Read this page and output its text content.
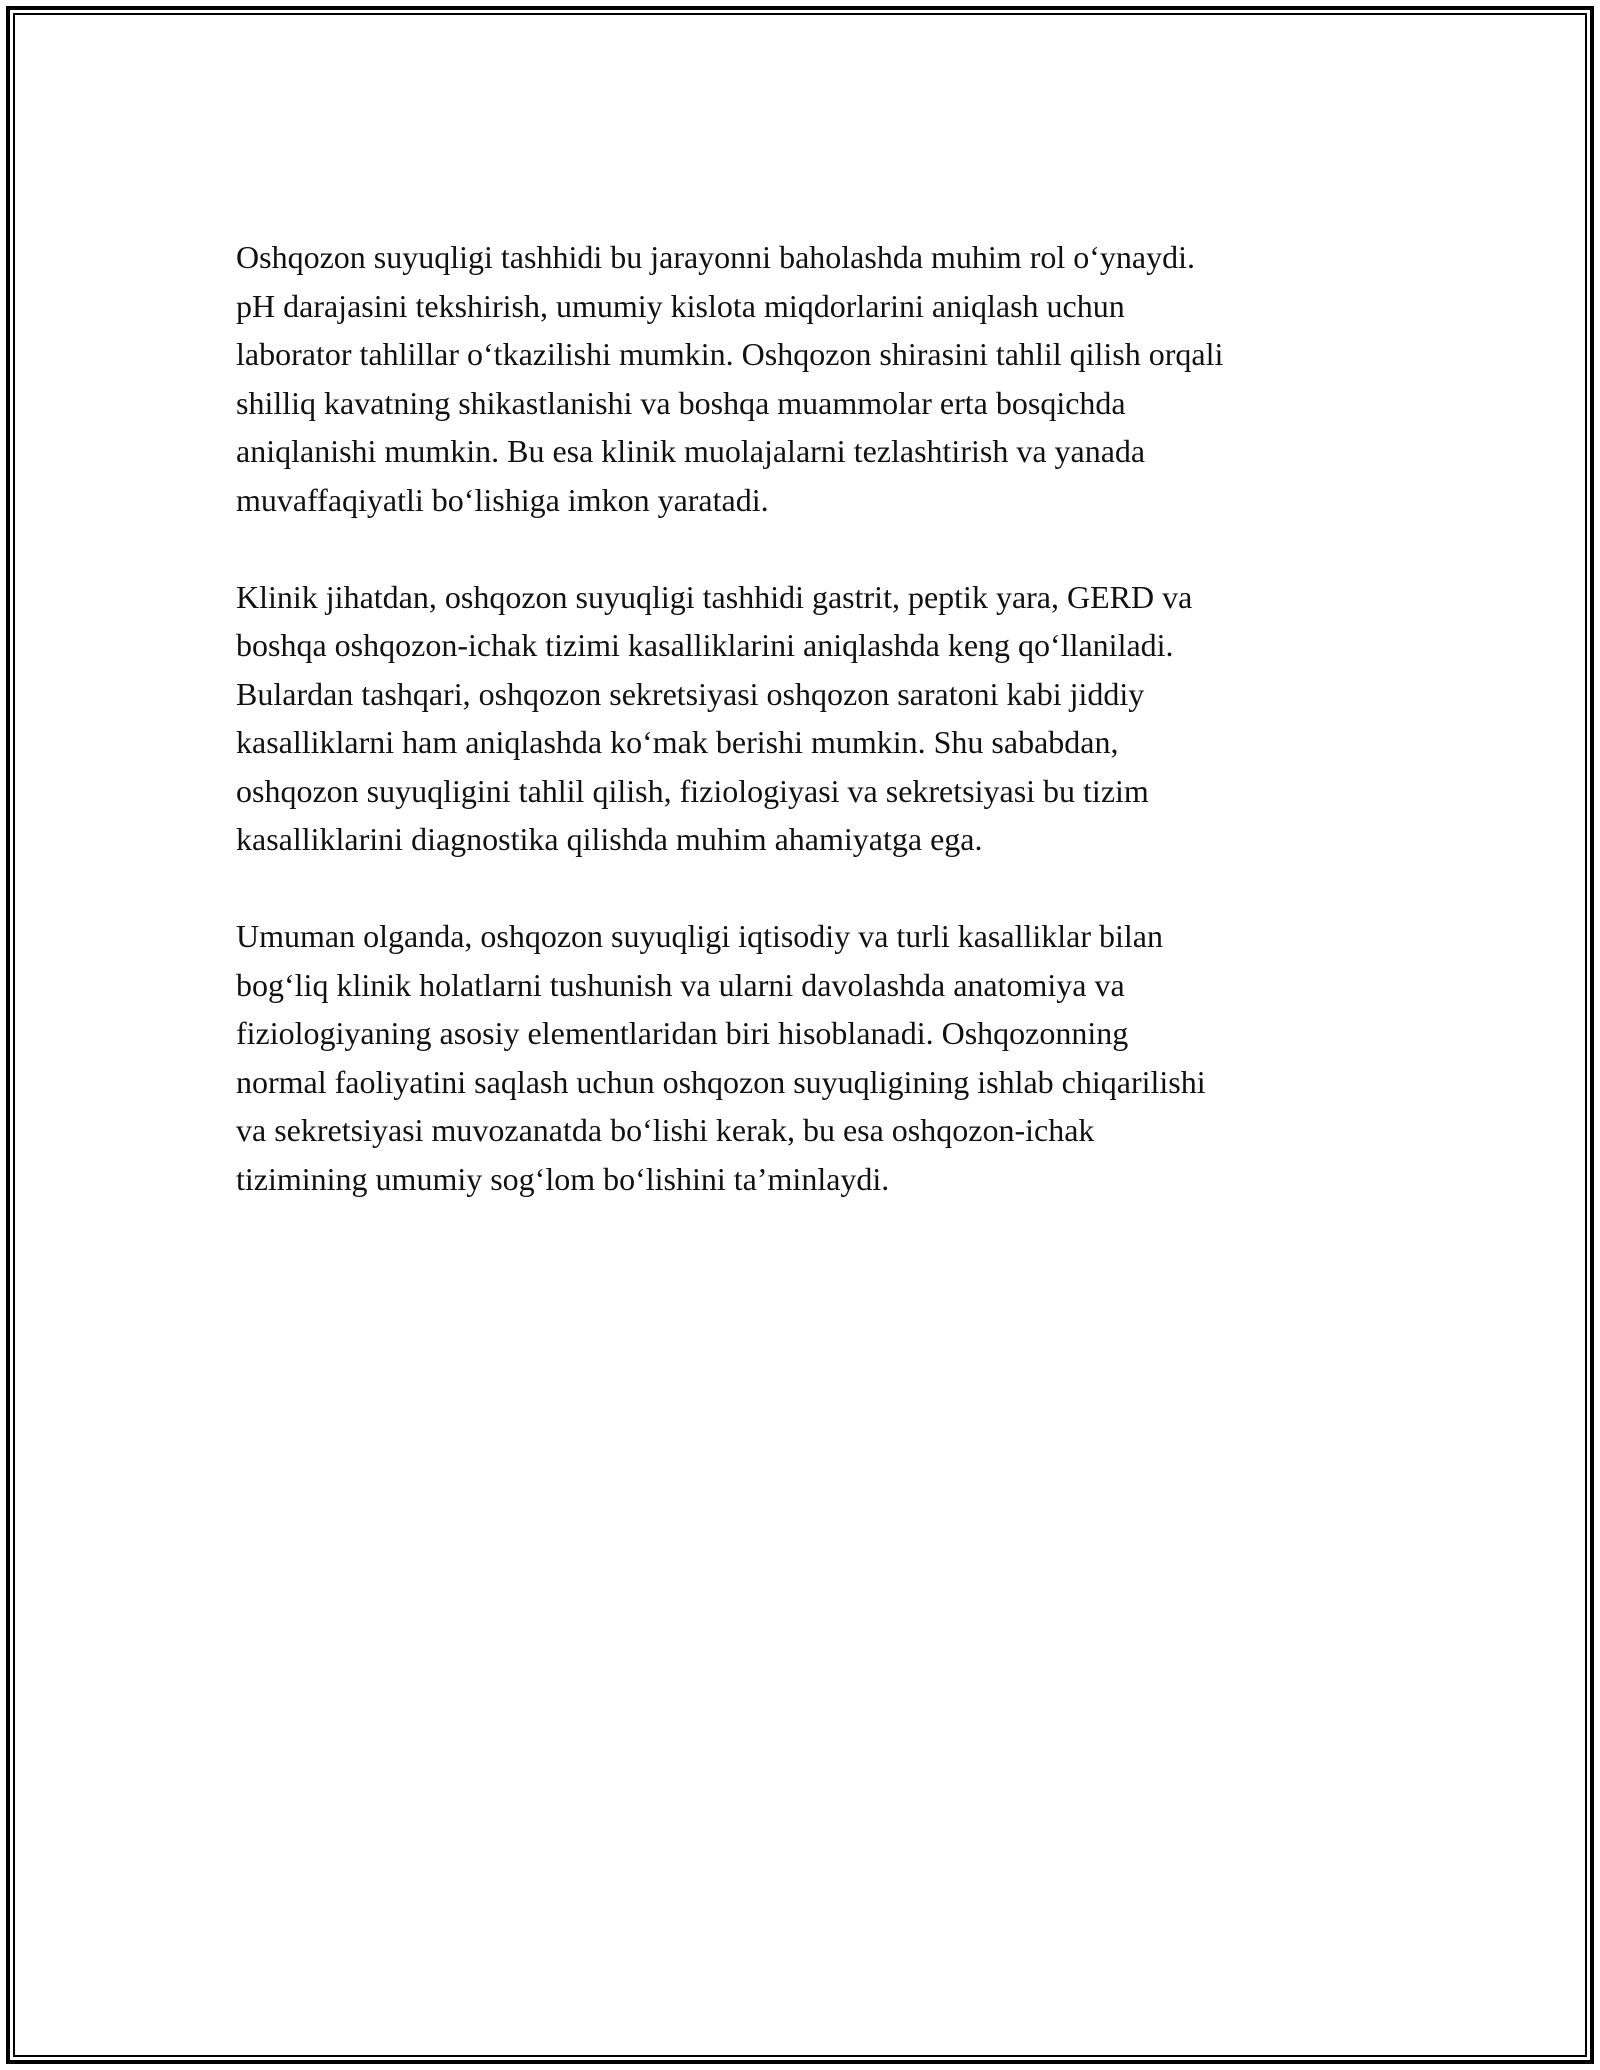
Oshqozon suyuqligi tashhidi bu jarayonni baholashda muhim rol o‘ynaydi.
pH darajasini tekshirish, umumiy kislota miqdorlarini aniqlash uchun
laborator tahlillar o‘tkazilishi mumkin. Oshqozon shirasini tahlil qilish orqali
shilliq kavatning shikastlanishi va boshqa muammolar erta bosqichda
aniqlanishi mumkin. Bu esa klinik muolajalarni tezlashtirish va yanada
muvaffaqiyatli bo‘lishiga imkon yaratadi.

Klinik jihatdan, oshqozon suyuqligi tashhidi gastrit, peptik yara, GERD va
boshqa oshqozon-ichak tizimi kasalliklarini aniqlashda keng qo‘llaniladi.
Bulardan tashqari, oshqozon sekretsiyasi oshqozon saratoni kabi jiddiy
kasalliklarni ham aniqlashda ko‘mak berishi mumkin. Shu sababdan,
oshqozon suyuqligini tahlil qilish, fiziologiyasi va sekretsiyasi bu tizim
kasalliklarini diagnostika qilishda muhim ahamiyatga ega.

Umuman olganda, oshqozon suyuqligi iqtisodiy va turli kasalliklar bilan
bog‘liq klinik holatlarni tushunish va ularni davolashda anatomiya va
fiziologiyaning asosiy elementlaridan biri hisoblanadi. Oshqozonning
normal faoliyatini saqlash uchun oshqozon suyuqligining ishlab chiqarilishi
va sekretsiyasi muvozanatda bo‘lishi kerak, bu esa oshqozon-ichak
tizimining umumiy sog‘lom bo‘lishini ta’minlaydi.
